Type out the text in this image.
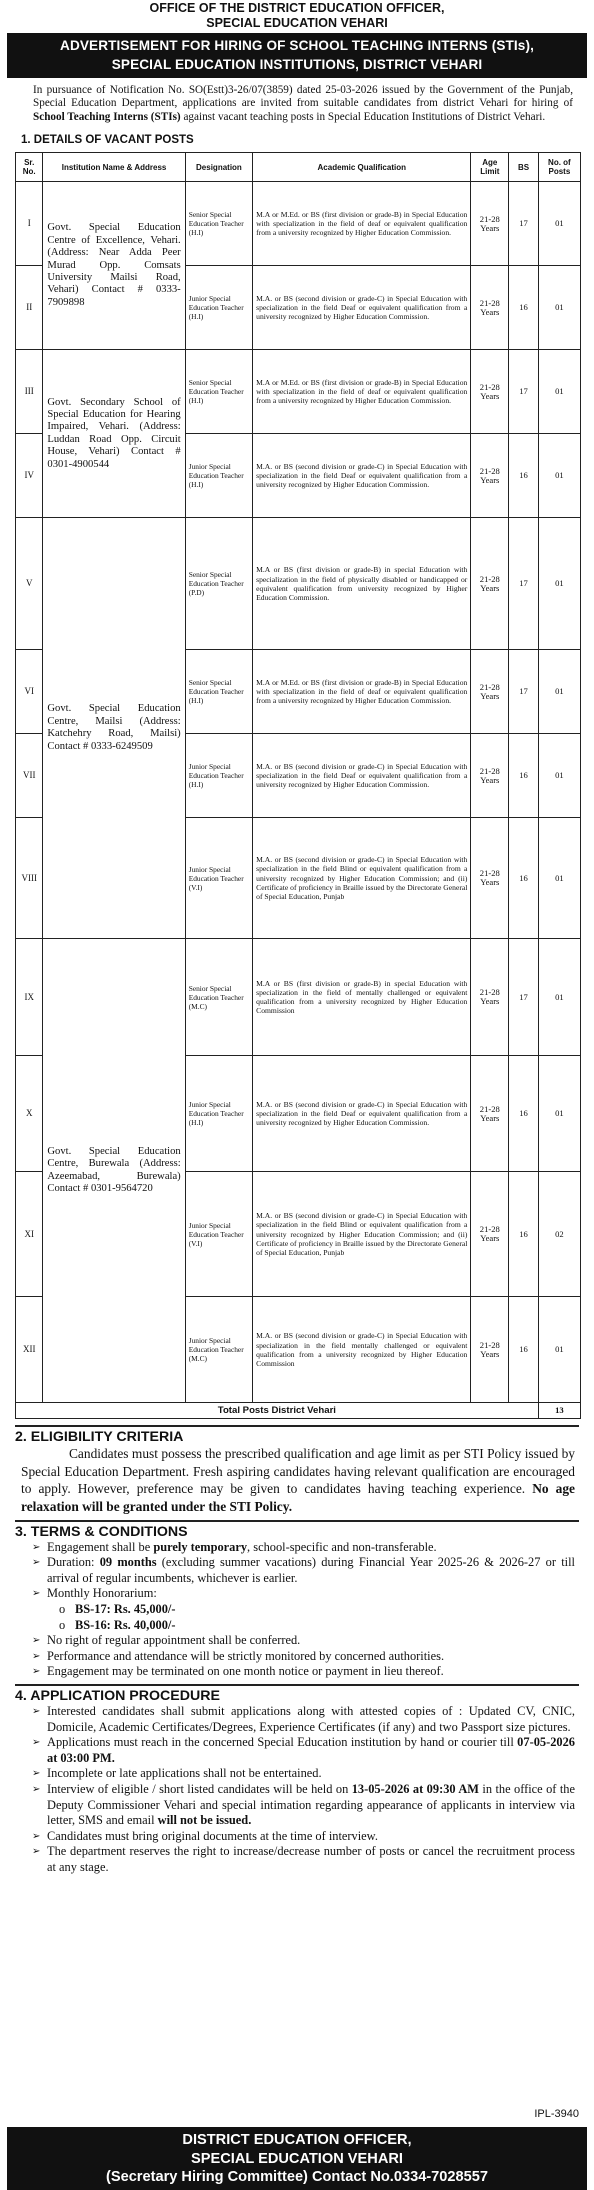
OFFICE OF THE DISTRICT EDUCATION OFFICER,
SPECIAL EDUCATION VEHARI
ADVERTISEMENT FOR HIRING OF SCHOOL TEACHING INTERNS (STIs),
SPECIAL EDUCATION INSTITUTIONS, DISTRICT VEHARI

In pursuance of Notification No. SO(Estt)3-26/07(3859) dated 25-03-2026 issued by the Government of the Punjab, Special Education Department, applications are invited from suitable candidates from district Vehari for hiring of School Teaching Interns (STIs) against vacant teaching posts in Special Education Institutions of District Vehari.

1. DETAILS OF VACANT POSTS
Sr. No.	Institution Name & Address	Designation	Academic Qualification	Age Limit	BS	No. of Posts
I	Govt. Special Education Centre of Excellence, Vehari. (Address: Near Adda Peer Murad Opp. Comsats University Mailsi Road, Vehari) Contact # 0333-7909898	Senior Special Education Teacher (H.I)	M.A or M.Ed. or BS (first division or grade-B) in Special Education with specialization in the field of deaf or equivalent qualification from a university recognized by Higher Education Commission.	21-28 Years	17	01
II		Junior Special Education Teacher (H.I)	M.A. or BS (second division or grade-C) in Special Education with specialization in the field Deaf or equivalent qualification from a university recognized by Higher Education Commission.	21-28 Years	16	01
III	Govt. Secondary School of Special Education for Hearing Impaired, Vehari. (Address: Luddan Road Opp. Circuit House, Vehari) Contact # 0301-4900544	Senior Special Education Teacher (H.I)	M.A or M.Ed. or BS (first division or grade-B) in Special Education with specialization in the field of deaf or equivalent qualification from a university recognized by Higher Education Commission.	21-28 Years	17	01
IV		Junior Special Education Teacher (H.I)	M.A. or BS (second division or grade-C) in Special Education with specialization in the field Deaf or equivalent qualification from a university recognized by Higher Education Commission.	21-28 Years	16	01
V	Govt. Special Education Centre, Mailsi (Address: Katchehry Road, Mailsi) Contact # 0333-6249509	Senior Special Education Teacher (P.D)	M.A or BS (first division or grade-B) in special Education with specialization in the field of physically disabled or handicapped or equivalent qualification from university recognized by Higher Education Commission.	21-28 Years	17	01
VI		Senior Special Education Teacher (H.I)	M.A or M.Ed. or BS (first division or grade-B) in Special Education with specialization in the field of deaf or equivalent qualification from a university recognized by Higher Education Commission.	21-28 Years	17	01
VII		Junior Special Education Teacher (H.I)	M.A. or BS (second division or grade-C) in Special Education with specialization in the field Deaf or equivalent qualification from a university recognized by Higher Education Commission.	21-28 Years	16	01
VIII		Junior Special Education Teacher (V.I)	M.A. or BS (second division or grade-C) in Special Education with specialization in the field Blind or equivalent qualification from a university recognized by Higher Education Commission; and (ii) Certificate of proficiency in Braille issued by the Directorate General of Special Education, Punjab	21-28 Years	16	01
IX	Govt. Special Education Centre, Burewala (Address: Azeemabad, Burewala) Contact # 0301-9564720	Senior Special Education Teacher (M.C)	M.A or BS (first division or grade-B) in special Education with specialization in the field of mentally challenged or equivalent qualification from a university recognized by Higher Education Commission	21-28 Years	17	01
X		Junior Special Education Teacher (H.I)	M.A. or BS (second division or grade-C) in Special Education with specialization in the field Deaf or equivalent qualification from a university recognized by Higher Education Commission.	21-28 Years	16	01
XI		Junior Special Education Teacher (V.I)	M.A. or BS (second division or grade-C) in Special Education with specialization in the field Blind or equivalent qualification from a university recognized by Higher Education Commission; and (ii) Certificate of proficiency in Braille issued by the Directorate General of Special Education, Punjab	21-28 Years	16	02
XII		Junior Special Education Teacher (M.C)	M.A. or BS (second division or grade-C) in Special Education with specialization in the field mentally challenged or equivalent qualification from a university recognized by Higher Education Commission	21-28 Years	16	01
Total Posts District Vehari						13
2. ELIGIBILITY CRITERIA

Candidates must possess the prescribed qualification and age limit as per STI Policy issued by Special Education Department. Fresh aspiring candidates having relevant qualification are encouraged to apply. However, preference may be given to candidates having teaching experience. No age relaxation will be granted under the STI Policy.

3. TERMS & CONDITIONS
➢ Engagement shall be purely temporary, school-specific and non-transferable.
➢ Duration: 09 months (excluding summer vacations) during Financial Year 2025-26 & 2026-27 or till arrival of regular incumbents, whichever is earlier.
➢ Monthly Honorarium:
o BS-17: Rs. 45,000/-
o BS-16: Rs. 40,000/-
➢ No right of regular appointment shall be conferred.
➢ Performance and attendance will be strictly monitored by concerned authorities.
➢ Engagement may be terminated on one month notice or payment in lieu thereof.
4. APPLICATION PROCEDURE
➢ Interested candidates shall submit applications along with attested copies of : Updated CV, CNIC, Domicile, Academic Certificates/Degrees, Experience Certificates (if any) and two Passport size pictures.
➢ Applications must reach in the concerned Special Education institution by hand or courier till 07-05-2026 at 03:00 PM.
➢ Incomplete or late applications shall not be entertained.
➢ Interview of eligible / short listed candidates will be held on 13-05-2026 at 09:30 AM in the office of the Deputy Commissioner Vehari and special intimation regarding appearance of applicants in interview via letter, SMS and email will not be issued.
➢ Candidates must bring original documents at the time of interview.
➢ The department reserves the right to increase/decrease number of posts or cancel the recruitment process at any stage.
IPL-3940
DISTRICT EDUCATION OFFICER,
SPECIAL EDUCATION VEHARI
(Secretary Hiring Committee) Contact No.0334-7028557
